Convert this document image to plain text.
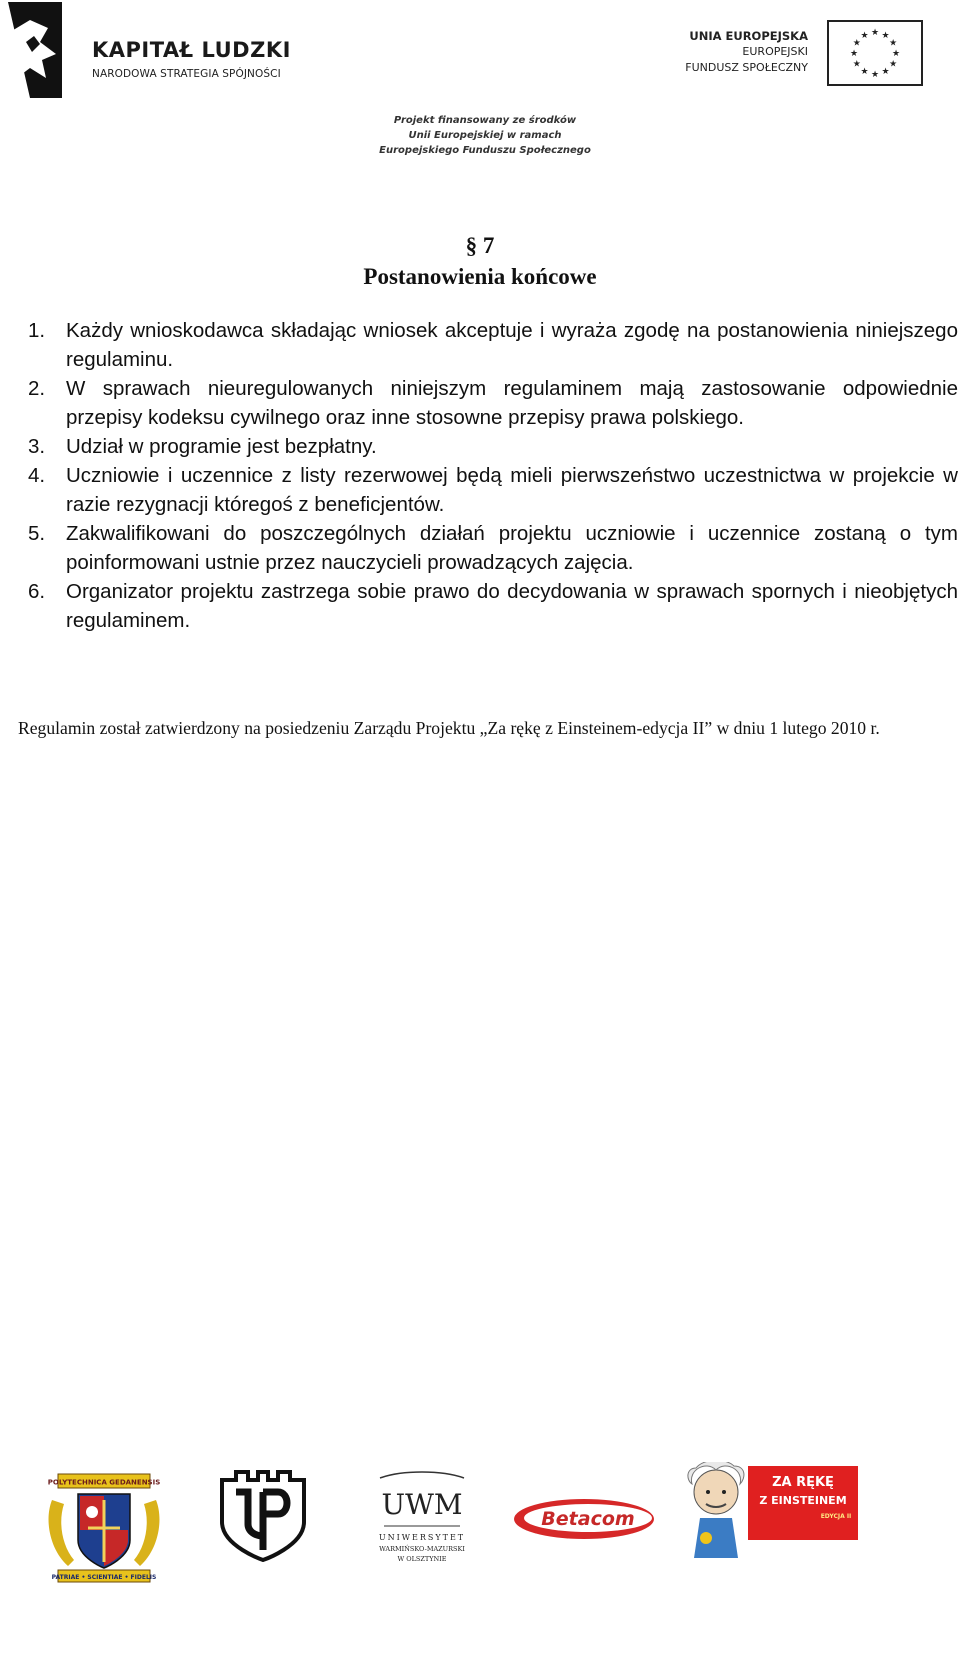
KAPITAŁ LUDZKI
NARODOWA STRATEGIA SPÓJNOŚCI
UNIA EUROPEJSKA
EUROPEJSKI
FUNDUSZ SPOŁECZNY
★ ★
★
★
★
★
★
★
★
★
★
★
Projekt finansowany ze środków
Unii Europejskiej w ramach
Europejskiego Funduszu Społecznego
§ 7
Postanowienia końcowe
1. Każdy wnioskodawca składając wniosek akceptuje i wyraża zgodę na postanowienia niniejszego regulaminu.
2. W sprawach nieuregulowanych niniejszym regulaminem mają zastosowanie odpowiednie przepisy kodeksu cywilnego oraz inne stosowne przepisy prawa polskiego.
3. Udział w programie jest bezpłatny.
4. Uczniowie i uczennice z listy rezerwowej będą mieli pierwszeństwo uczestnictwa w projekcie w razie rezygnacji któregoś z beneficjentów.
5. Zakwalifikowani do poszczególnych działań projektu uczniowie i uczennice zostaną o tym poinformowani ustnie przez nauczycieli prowadzących zajęcia.
6. Organizator projektu zastrzega sobie prawo do decydowania w sprawach spornych i nieobjętych regulaminem.
Regulamin został zatwierdzony na posiedzeniu Zarządu Projektu „Za rękę z Einsteinem-edycja II” w dniu 1 lutego 2010 r.
POLYTECHNICA GEDANENSIS
PATRIAE • SCIENTIAE • FIDELIS
UTP
UWM
UNIWERSYTET
WARMIŃSKO-MAZURSKI
W OLSZTYNIE
Betacom
ZA RĘKĘ
Z EINSTEINEM
EDYCJA II
